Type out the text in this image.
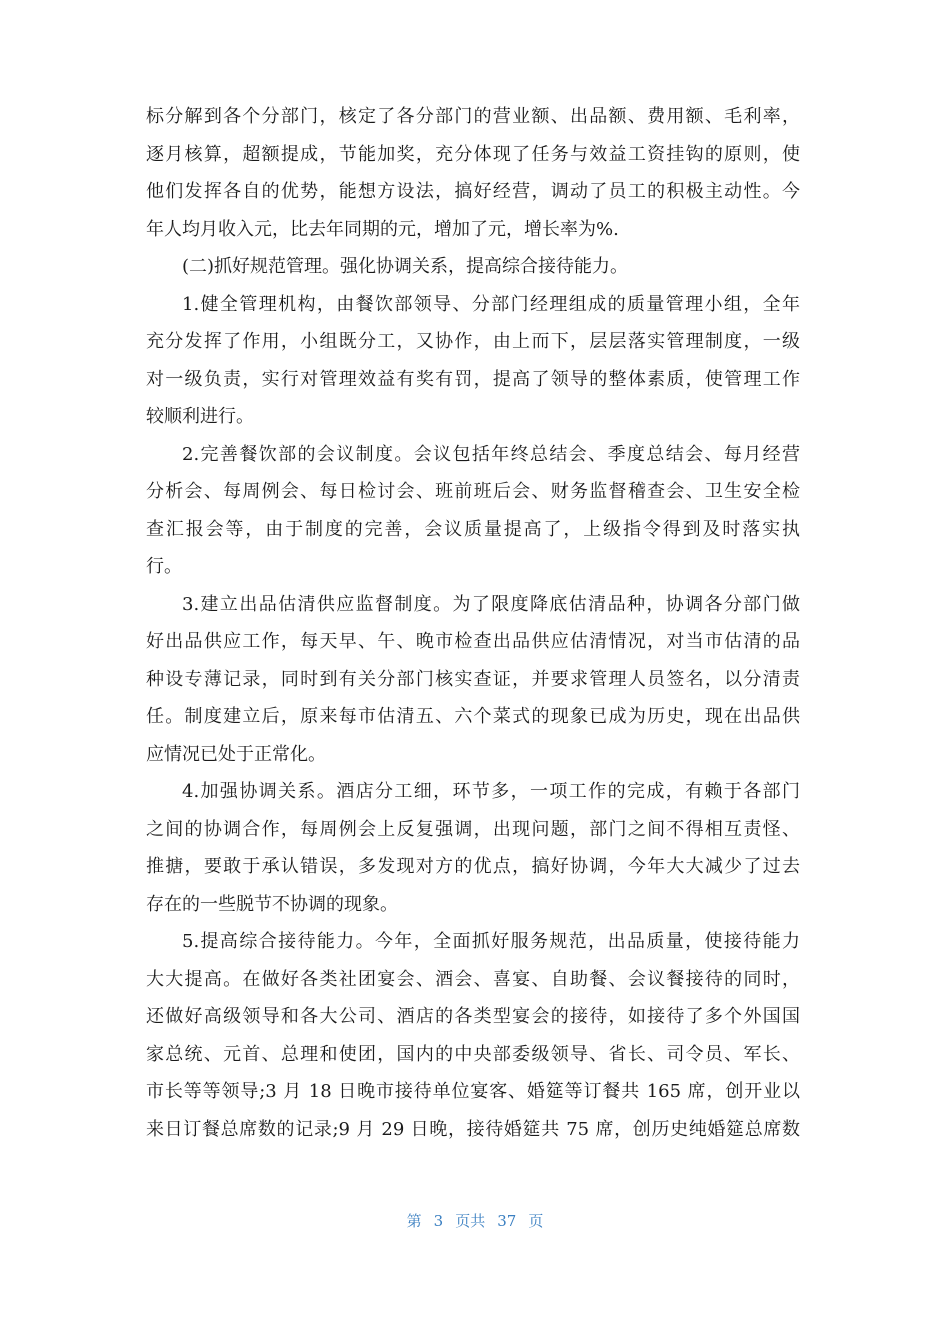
标分解到各个分部门，核定了各分部门的营业额、出品额、费用额、毛利率，
逐月核算，超额提成，节能加奖，充分体现了任务与效益工资挂钩的原则，使
他们发挥各自的优势，能想方设法，搞好经营，调动了员工的积极主动性。今
年人均月收入元，比去年同期的元，增加了元，增长率为%.
(二)抓好规范管理。强化协调关系，提高综合接待能力。
1.健全管理机构，由餐饮部领导、分部门经理组成的质量管理小组，全年
充分发挥了作用，小组既分工，又协作，由上而下，层层落实管理制度，一级
对一级负责，实行对管理效益有奖有罚，提高了领导的整体素质，使管理工作
较顺利进行。
2.完善餐饮部的会议制度。会议包括年终总结会、季度总结会、每月经营
分析会、每周例会、每日检讨会、班前班后会、财务监督稽查会、卫生安全检
查汇报会等，由于制度的完善，会议质量提高了，上级指令得到及时落实执
行。
3.建立出品估清供应监督制度。为了限度降底估清品种，协调各分部门做
好出品供应工作，每天早、午、晚市检查出品供应估清情况，对当市估清的品
种设专薄记录，同时到有关分部门核实查证，并要求管理人员签名，以分清责
任。制度建立后，原来每市估清五、六个菜式的现象已成为历史，现在出品供
应情况已处于正常化。
4.加强协调关系。酒店分工细，环节多，一项工作的完成，有赖于各部门
之间的协调合作，每周例会上反复强调，出现问题，部门之间不得相互责怪、
推搪，要敢于承认错误，多发现对方的优点，搞好协调，今年大大减少了过去
存在的一些脱节不协调的现象。
5.提高综合接待能力。今年，全面抓好服务规范，出品质量，使接待能力
大大提高。在做好各类社团宴会、酒会、喜宴、自助餐、会议餐接待的同时，
还做好高级领导和各大公司、酒店的各类型宴会的接待，如接待了多个外国国
家总统、元首、总理和使团，国内的中央部委级领导、省长、司令员、军长、
市长等等领导;3 月 18 日晚市接待单位宴客、婚筵等订餐共 165 席，创开业以
来日订餐总席数的记录;9 月 29 日晚，接待婚筵共 75 席，创历史纯婚筵总席数
第 3 页共 37 页
